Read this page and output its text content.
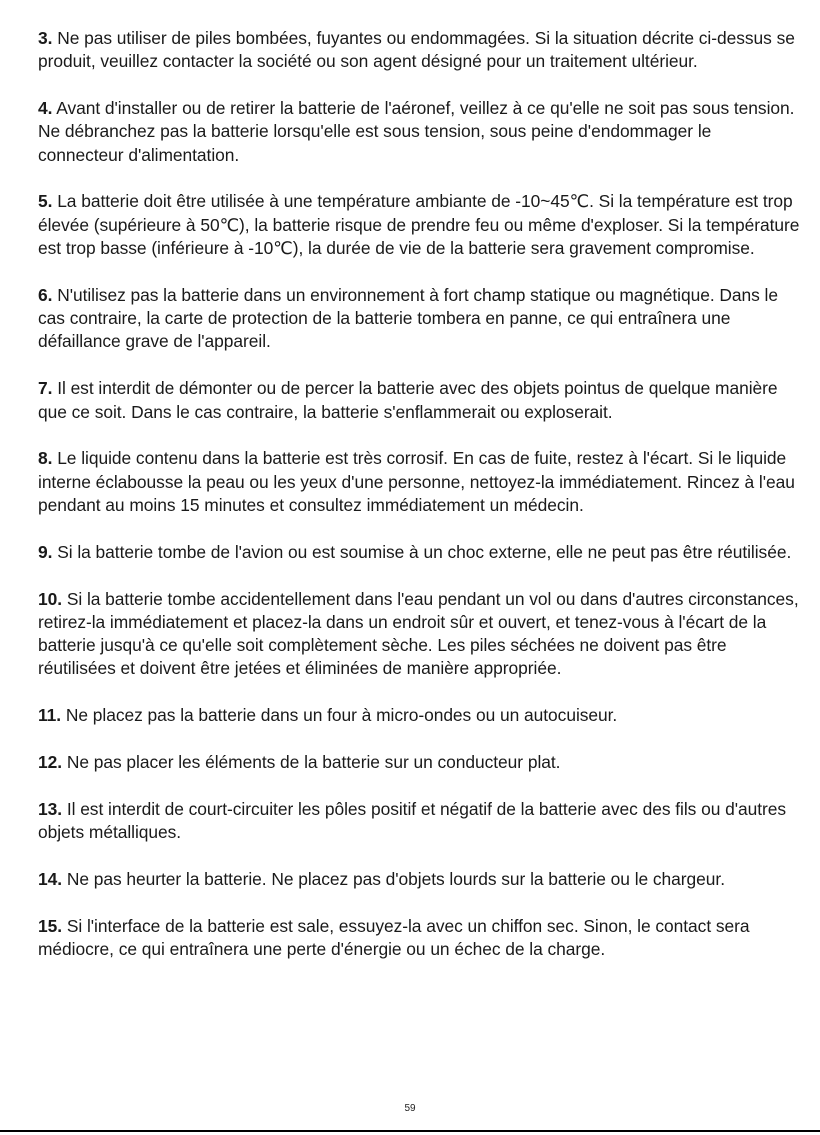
3. Ne pas utiliser de piles bombées, fuyantes ou endommagées. Si la situation décrite ci-dessus se produit, veuillez contacter la société ou son agent désigné pour un traitement ultérieur.

4. Avant d'installer ou de retirer la batterie de l'aéronef, veillez à ce qu'elle ne soit pas sous tension. Ne débranchez pas la batterie lorsqu'elle est sous tension, sous peine d'endommager le connecteur d'alimentation.

5. La batterie doit être utilisée à une température ambiante de -10~45℃. Si la température est trop élevée (supérieure à 50℃), la batterie risque de prendre feu ou même d'exploser. Si la température est trop basse (inférieure à -10℃), la durée de vie de la batterie sera gravement compromise.

6. N'utilisez pas la batterie dans un environnement à fort champ statique ou magnétique. Dans le cas contraire, la carte de protection de la batterie tombera en panne, ce qui entraînera une défaillance grave de l'appareil.

7. Il est interdit de démonter ou de percer la batterie avec des objets pointus de quelque manière que ce soit. Dans le cas contraire, la batterie s'enflammerait ou exploserait.

8. Le liquide contenu dans la batterie est très corrosif. En cas de fuite, restez à l'écart. Si le liquide interne éclabousse la peau ou les yeux d'une personne, nettoyez-la immédiatement. Rincez à l'eau pendant au moins 15 minutes et consultez immédiatement un médecin.

9. Si la batterie tombe de l'avion ou est soumise à un choc externe, elle ne peut pas être réutilisée.

10. Si la batterie tombe accidentellement dans l'eau pendant un vol ou dans d'autres circonstances, retirez-la immédiatement et placez-la dans un endroit sûr et ouvert, et tenez-vous à l'écart de la batterie jusqu'à ce qu'elle soit complètement sèche. Les piles séchées ne doivent pas être réutilisées et doivent être jetées et éliminées de manière appropriée.

11. Ne placez pas la batterie dans un four à micro-ondes ou un autocuiseur.

12. Ne pas placer les éléments de la batterie sur un conducteur plat.

13. Il est interdit de court-circuiter les pôles positif et négatif de la batterie avec des fils ou d'autres objets métalliques.

14. Ne pas heurter la batterie. Ne placez pas d'objets lourds sur la batterie ou le chargeur.

15. Si l'interface de la batterie est sale, essuyez-la avec un chiffon sec. Sinon, le contact sera médiocre, ce qui entraînera une perte d'énergie ou un échec de la charge.

59
